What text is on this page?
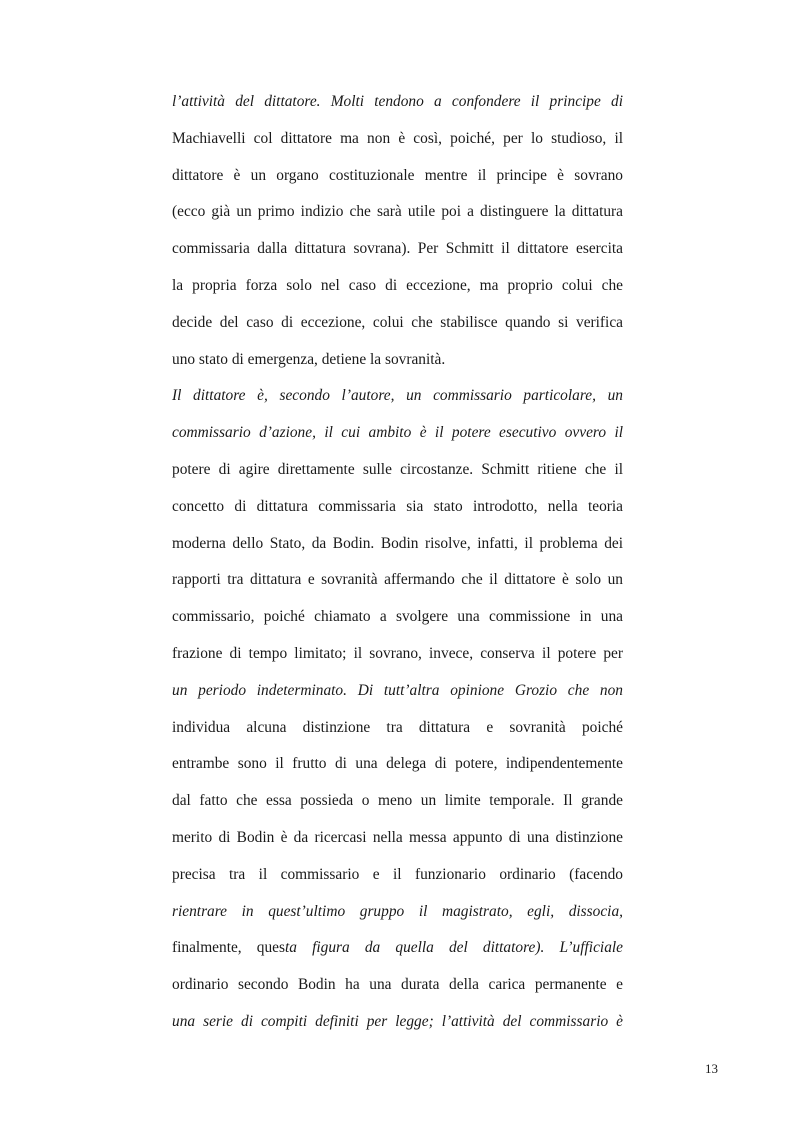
l’attività del dittatore. Molti tendono a confondere il principe di
Machiavelli col dittatore ma non è così, poiché, per lo studioso, il
dittatore è un organo costituzionale mentre il principe è sovrano
(ecco già un primo indizio che sarà utile poi a distinguere la dittatura
commissaria dalla dittatura sovrana). Per Schmitt il dittatore esercita
la propria forza solo nel caso di eccezione, ma proprio colui che
decide del caso di eccezione, colui che stabilisce quando si verifica
uno stato di emergenza, detiene la sovranità.
Il dittatore è, secondo l’autore, un commissario particolare, un
commissario d’azione, il cui ambito è il potere esecutivo ovvero il
potere di agire direttamente sulle circostanze. Schmitt ritiene che il
concetto di dittatura commissaria sia stato introdotto, nella teoria
moderna dello Stato, da Bodin. Bodin risolve, infatti, il problema dei
rapporti tra dittatura e sovranità affermando che il dittatore è solo un
commissario, poiché chiamato a svolgere una commissione in una
frazione di tempo limitato; il sovrano, invece, conserva il potere per
un periodo indeterminato. Di tutt’altra opinione Grozio che non
individua alcuna distinzione tra dittatura e sovranità poiché
entrambe sono il frutto di una delega di potere, indipendentemente
dal fatto che essa possieda o meno un limite temporale. Il grande
merito di Bodin è da ricercasi nella messa appunto di una distinzione
precisa tra il commissario e il funzionario ordinario (facendo
rientrare in quest’ultimo gruppo il magistrato, egli, dissocia,
finalmente, questa figura da quella del dittatore). L’ufficiale
ordinario secondo Bodin ha una durata della carica permanente e
una serie di compiti definiti per legge; l’attività del commissario è
13
